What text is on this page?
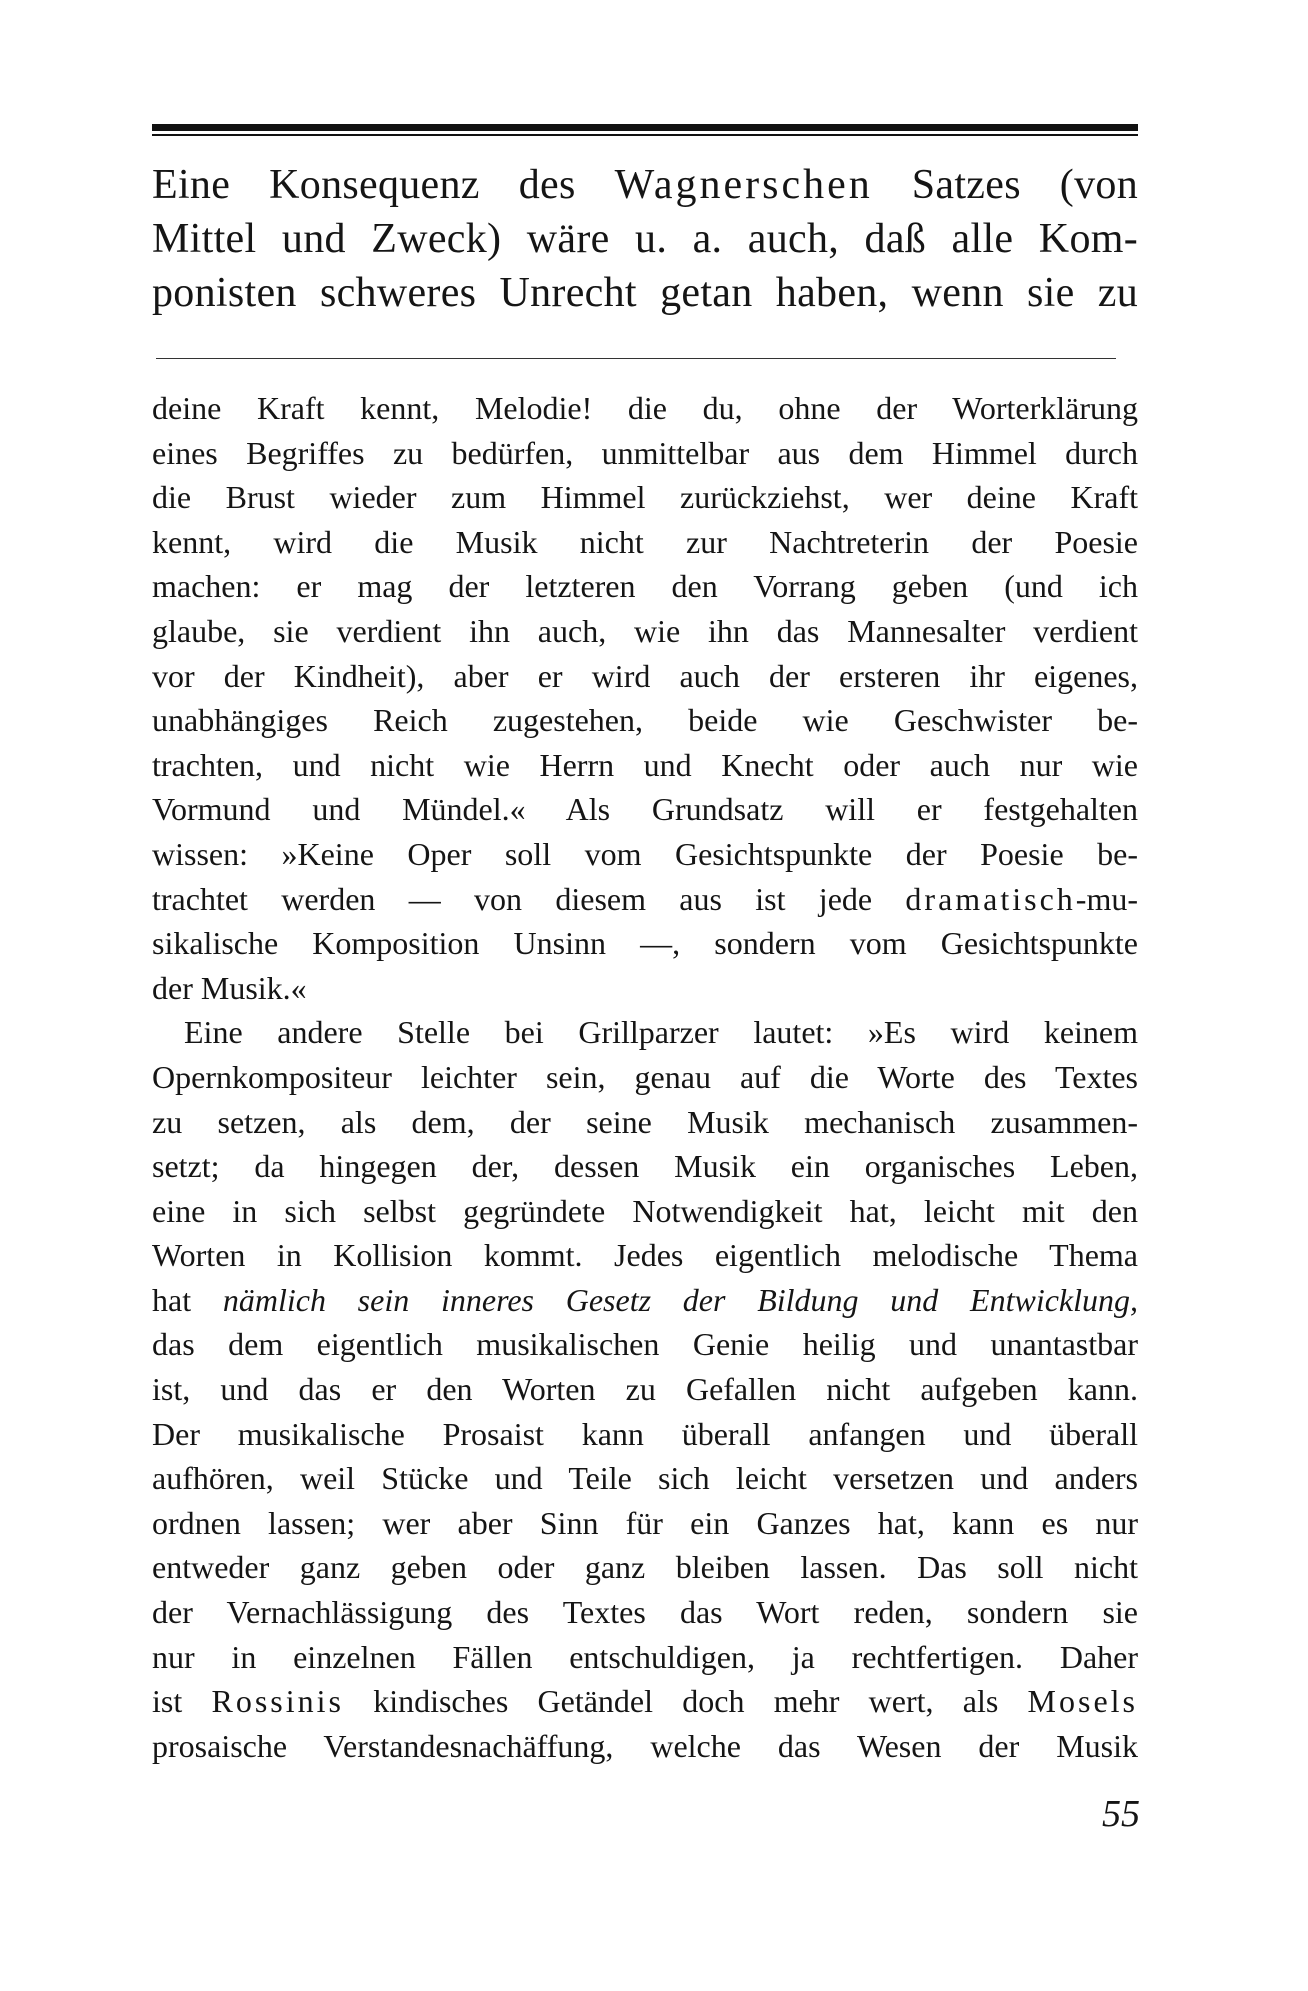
Eine Konsequenz des Wagnerschen Satzes (von
Mittel und Zweck) wäre u. a. auch, daß alle Kom-
ponisten schweres Unrecht getan haben, wenn sie zu
deine Kraft kennt, Melodie! die du, ohne der Worterklärung
eines Begriffes zu bedürfen, unmittelbar aus dem Himmel durch
die Brust wieder zum Himmel zurückziehst, wer deine Kraft
kennt, wird die Musik nicht zur Nachtreterin der Poesie
machen: er mag der letzteren den Vorrang geben (und ich
glaube, sie verdient ihn auch, wie ihn das Mannesalter verdient
vor der Kindheit), aber er wird auch der ersteren ihr eigenes,
unabhängiges Reich zugestehen, beide wie Geschwister be-
trachten, und nicht wie Herrn und Knecht oder auch nur wie
Vormund und Mündel.« Als Grundsatz will er festgehalten
wissen: »Keine Oper soll vom Gesichtspunkte der Poesie be-
trachtet werden — von diesem aus ist jede dramatisch-mu-
sikalische Komposition Unsinn —, sondern vom Gesichtspunkte
der Musik.«
Eine andere Stelle bei Grillparzer lautet: »Es wird keinem
Opernkompositeur leichter sein, genau auf die Worte des Textes
zu setzen, als dem, der seine Musik mechanisch zusammen-
setzt; da hingegen der, dessen Musik ein organisches Leben,
eine in sich selbst gegründete Notwendigkeit hat, leicht mit den
Worten in Kollision kommt. Jedes eigentlich melodische Thema
hat nämlich sein inneres Gesetz der Bildung und Entwicklung,
das dem eigentlich musikalischen Genie heilig und unantastbar
ist, und das er den Worten zu Gefallen nicht aufgeben kann.
Der musikalische Prosaist kann überall anfangen und überall
aufhören, weil Stücke und Teile sich leicht versetzen und anders
ordnen lassen; wer aber Sinn für ein Ganzes hat, kann es nur
entweder ganz geben oder ganz bleiben lassen. Das soll nicht
der Vernachlässigung des Textes das Wort reden, sondern sie
nur in einzelnen Fällen entschuldigen, ja rechtfertigen. Daher
ist Rossinis kindisches Getändel doch mehr wert, als Mosels
prosaische Verstandesnachäffung, welche das Wesen der Musik
55
